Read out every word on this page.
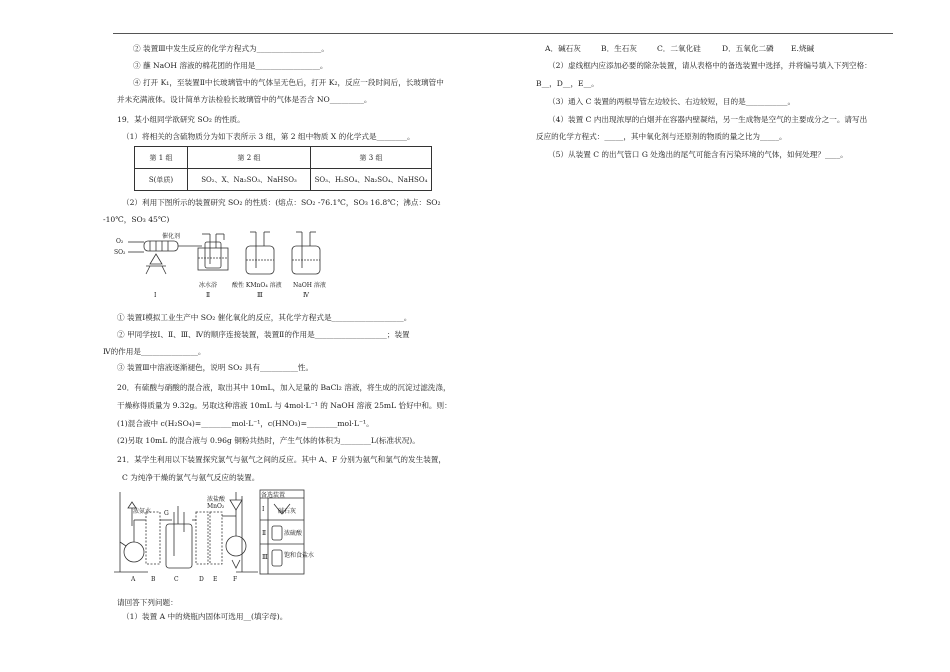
② 装置Ⅲ中发生反应的化学方程式为_________________。
③ 蘸 NaOH 溶液的棉花团的作用是_________________。
④ 打开 K₁，至装置Ⅱ中长玻璃管中的气体呈无色后，打开 K₂，反应一段时间后，长玻璃管中
并未充满液体。设计简单方法检验长玻璃管中的气体是否含 NO_________。
19．某小组同学欲研究 SO₂ 的性质。
（1）将相关的含硫物质分为如下表所示 3 组，第 2 组中物质 X 的化学式是________。
第 1 组	第 2 组	第 3 组
S(单质)	SO₂、X、Na₂SO₃、NaHSO₃	SO₃、H₂SO₄、Na₂SO₄、NaHSO₄
（2）利用下图所示的装置研究 SO₂ 的性质：(熔点：SO₂ -76.1℃，SO₃ 16.8℃；沸点：SO₂
-10℃，SO₃ 45℃)
O₂
SO₂
催化剂
冰水浴 酸性 KMnO₄ 溶液 NaOH 溶液
Ⅰ	Ⅱ	Ⅲ	Ⅳ
① 装置Ⅰ模拟工业生产中 SO₂ 催化氧化的反应，其化学方程式是___________________。
② 甲同学按Ⅰ、Ⅱ、Ⅲ、Ⅳ的顺序连接装置，装置Ⅱ的作用是___________________；装置
Ⅳ的作用是_______________。
③ 装置Ⅲ中溶液逐渐褪色，说明 SO₂ 具有__________性。
20．有硫酸与硝酸的混合液，取出其中 10mL，加入足量的 BaCl₂ 溶液，将生成的沉淀过滤洗涤，
干燥称得质量为 9.32g。另取这种溶液 10mL 与 4mol·L⁻¹ 的 NaOH 溶液 25mL 恰好中和。则：
(1)混合液中 c(H₂SO₄)=________mol·L⁻¹，c(HNO₃)=________mol·L⁻¹。
(2)另取 10mL 的混合液与 0.96g 铜粉共热时，产生气体的体积为________L(标准状况)。
21．某学生利用以下装置探究氯气与氨气之间的反应。其中 A、F 分别为氨气和氯气的发生装置，
C 为纯净干燥的氯气与氨气反应的装置。
浓氨水 G
浓盐酸
MnO₂
备选装置
碱石灰
浓硫酸
饱和食盐水
Ⅰ
Ⅱ
Ⅲ
A	B	C	D E	F
请回答下列问题：
（1）装置 A 中的烧瓶内固体可选用__(填字母)。
A．碱石灰	B．生石灰	C．二氧化硅	D．五氧化二磷 E.烧碱
（2）虚线框内应添加必要的除杂装置，请从表格中的备选装置中选择，并将编号填入下列空格：
B__，D__，E__。
（3）通入 C 装置的两根导管左边较长、右边较短，目的是___________。
（4）装置 C 内出现浓厚的白烟并在容器内壁凝结，另一生成物是空气的主要成分之一。请写出
反应的化学方程式：_____，其中氧化剂与还原剂的物质的量之比为_____。
（5）从装置 C 的出气管口 G 处逸出的尾气可能含有污染环境的气体，如何处理？____。
